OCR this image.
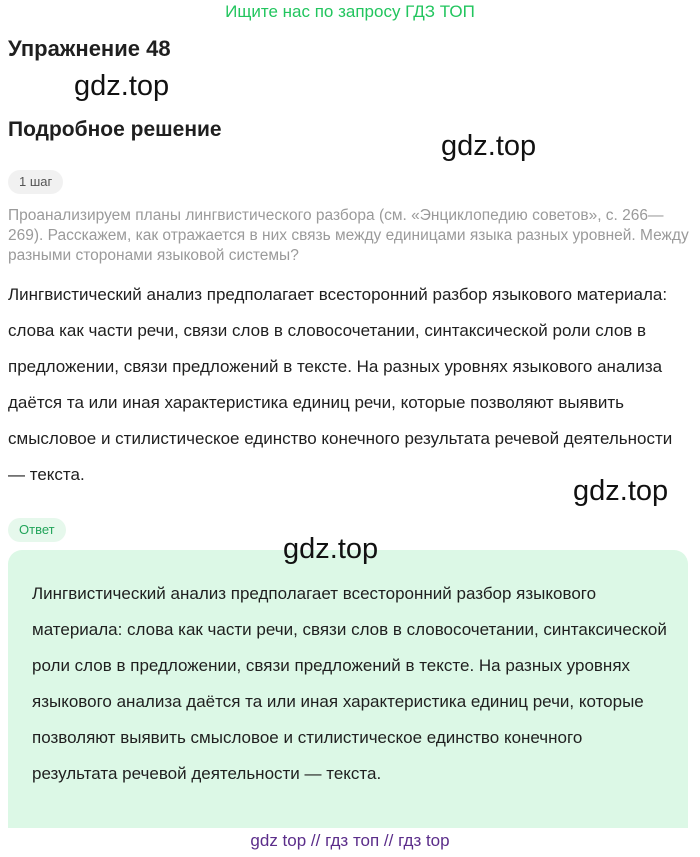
Ищите нас по запросу ГДЗ ТОП
Упражнение 48
gdz.top
gdz.top
Подробное решение
1 шаг
Проанализируем планы лингвистического разбора (см. «Энциклопедию советов», с. 266—269). Расскажем, как отражается в них связь между единицами языка разных уровней. Между разными сторонами языковой системы?
Лингвистический анализ предполагает всесторонний разбор языкового материала: слова как части речи, связи слов в словосочетании, синтаксической роли слов в предложении, связи предложений в тексте. На разных уровнях языкового анализа даётся та или иная характеристика единиц речи, которые позволяют выявить смысловое и стилистическое единство конечного результата речевой деятельности — текста.
gdz.top
Ответ
gdz.top
Лингвистический анализ предполагает всесторонний разбор языкового материала: слова как части речи, связи слов в словосочетании, синтаксической роли слов в предложении, связи предложений в тексте. На разных уровнях языкового анализа даётся та или иная характеристика единиц речи, которые позволяют выявить смысловое и стилистическое единство конечного результата речевой деятельности — текста.
gdz top // гдз топ // гдз top
